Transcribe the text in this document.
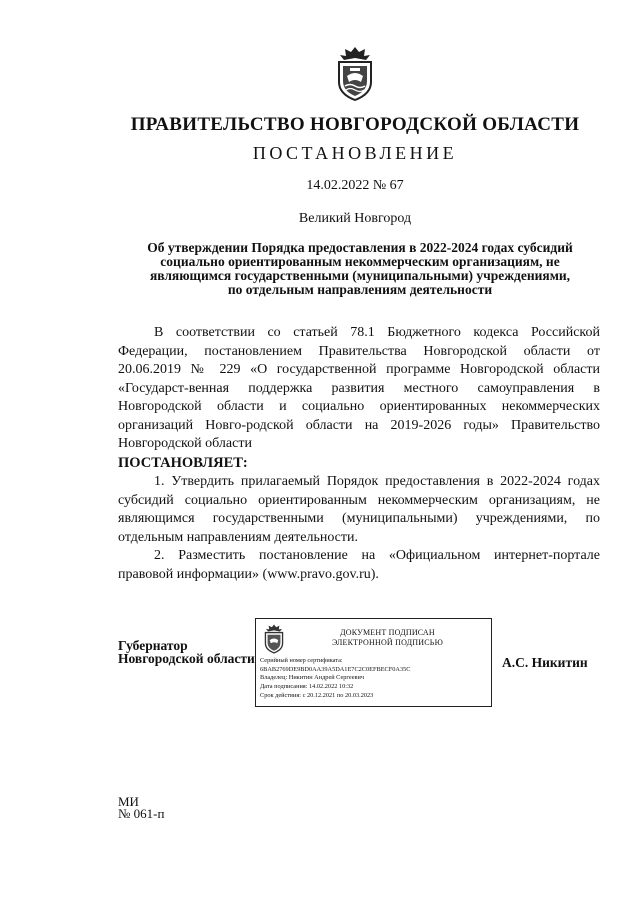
ПРАВИТЕЛЬСТВО НОВГОРОДСКОЙ ОБЛАСТИ
ПОСТАНОВЛЕНИЕ
14.02.2022 № 67
Великий Новгород
Об утверждении Порядка предоставления в 2022-2024 годах субсидий
социально ориентированным некоммерческим организациям, не
являющимся государственными (муниципальными) учреждениями,
по отдельным направлениям деятельности

В соответствии со статьей 78.1 Бюджетного кодекса Российской Федерации, постановлением Правительства Новгородской области от 20.06.2019 № 229 «О государственной программе Новгородской области «Государст-венная поддержка развития местного самоуправления в Новгородской области и социально ориентированных некоммерческих организаций Новго-родской области на 2019-2026 годы» Правительство Новгородской области

ПОСТАНОВЛЯЕТ:

1. Утвердить прилагаемый Порядок предоставления в 2022-2024 годах субсидий социально ориентированным некоммерческим организациям, не являющимся государственными (муниципальными) учреждениями, по отдельным направлениям деятельности.

2. Разместить постановление на «Официальном интернет-портале правовой информации» (www.pravo.gov.ru).

Губернатор
Новгородской области
ДОКУМЕНТ ПОДПИСАН
ЭЛЕКТРОННОЙ ПОДПИСЬЮ
Серийный номер сертификата:
6BAB2769DE9BD0AA39A5DA1E7C2C0EFBECF0A35C
Владелец: Никитин Андрей Сергеевич
Дата подписания: 14.02.2022 10:32
Срок действия: с 20.12.2021 по 20.03.2023
А.С. Никитин
МИ
№ 061-п
